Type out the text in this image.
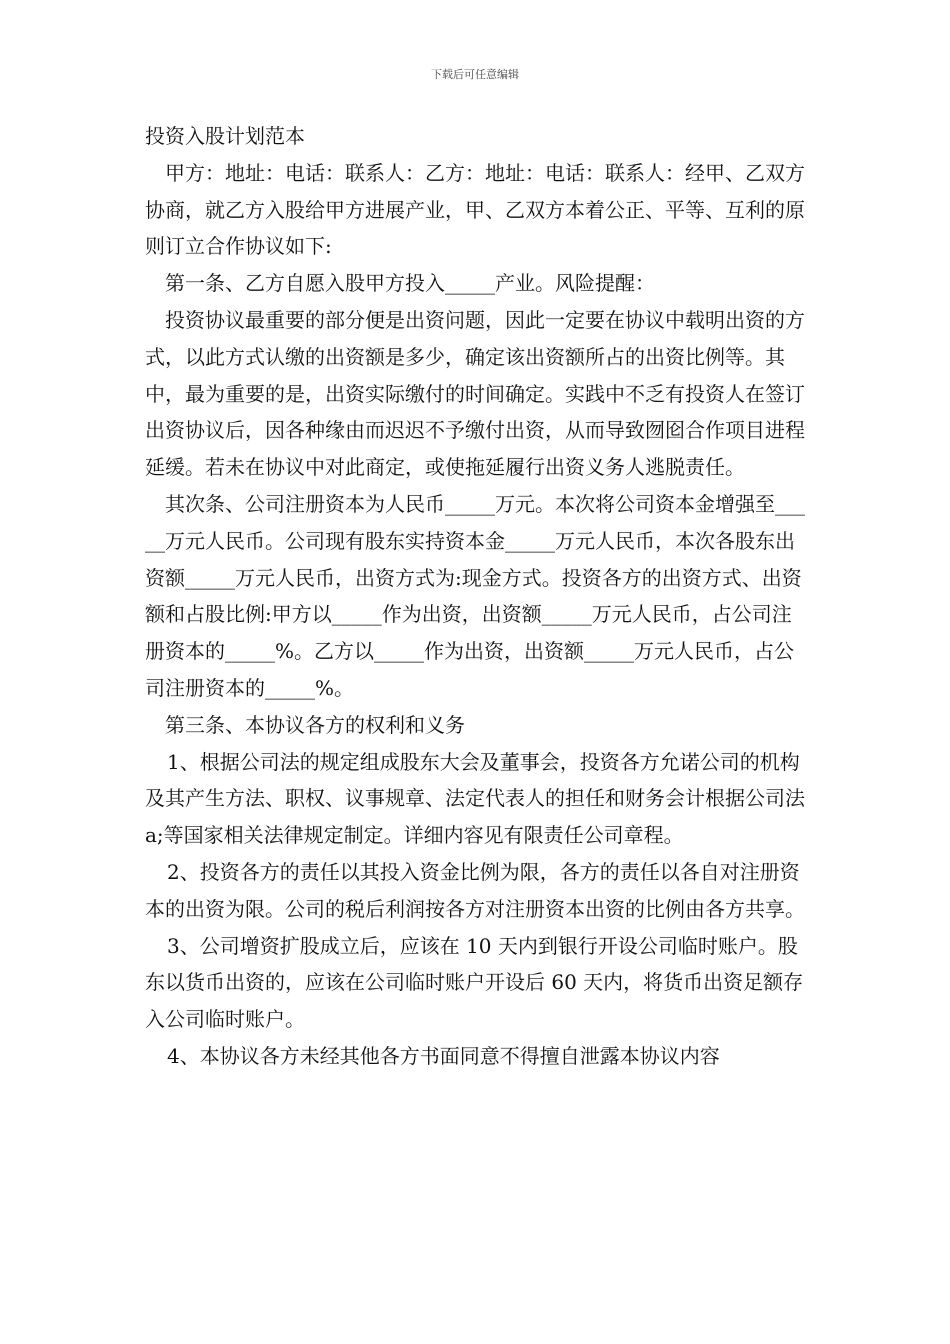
下载后可任意编辑

投资入股计划范本

甲方：地址：电话：联系人：乙方：地址：电话：联系人：经甲、乙双方协商，就乙方入股给甲方进展产业，甲、乙双方本着公正、平等、互利的原则订立合作协议如下:

第一条、乙方自愿入股甲方投入_____产业。风险提醒：

投资协议最重要的部分便是出资问题，因此一定要在协议中载明出资的方式，以此方式认缴的出资额是多少，确定该出资额所占的出资比例等。其中，最为重要的是，出资实际缴付的时间确定。实践中不乏有投资人在签订出资协议后，因各种缘由而迟迟不予缴付出资，从而导致囫囵合作项目进程延缓。若未在协议中对此商定，或使拖延履行出资义务人逃脱责任。

其次条、公司注册资本为人民币_____万元。本次将公司资本金增强至_____万元人民币。公司现有股东实持资本金_____万元人民币，本次各股东出资额_____万元人民币，出资方式为:现金方式。投资各方的出资方式、出资额和占股比例:甲方以_____作为出资，出资额_____万元人民币，占公司注册资本的_____%。乙方以_____作为出资，出资额_____万元人民币，占公司注册资本的_____%。

第三条、本协议各方的权利和义务

1、根据公司法的规定组成股东大会及董事会，投资各方允诺公司的机构及其产生方法、职权、议事规章、法定代表人的担任和财务会计根据公司法 a;等国家相关法律规定制定。详细内容见有限责任公司章程。

2、投资各方的责任以其投入资金比例为限，各方的责任以各自对注册资本的出资为限。公司的税后利润按各方对注册资本出资的比例由各方共享。

3、公司增资扩股成立后，应该在 10 天内到银行开设公司临时账户。股东以货币出资的，应该在公司临时账户开设后 60 天内，将货币出资足额存入公司临时账户。

4、本协议各方未经其他各方书面同意不得擅自泄露本协议内容
